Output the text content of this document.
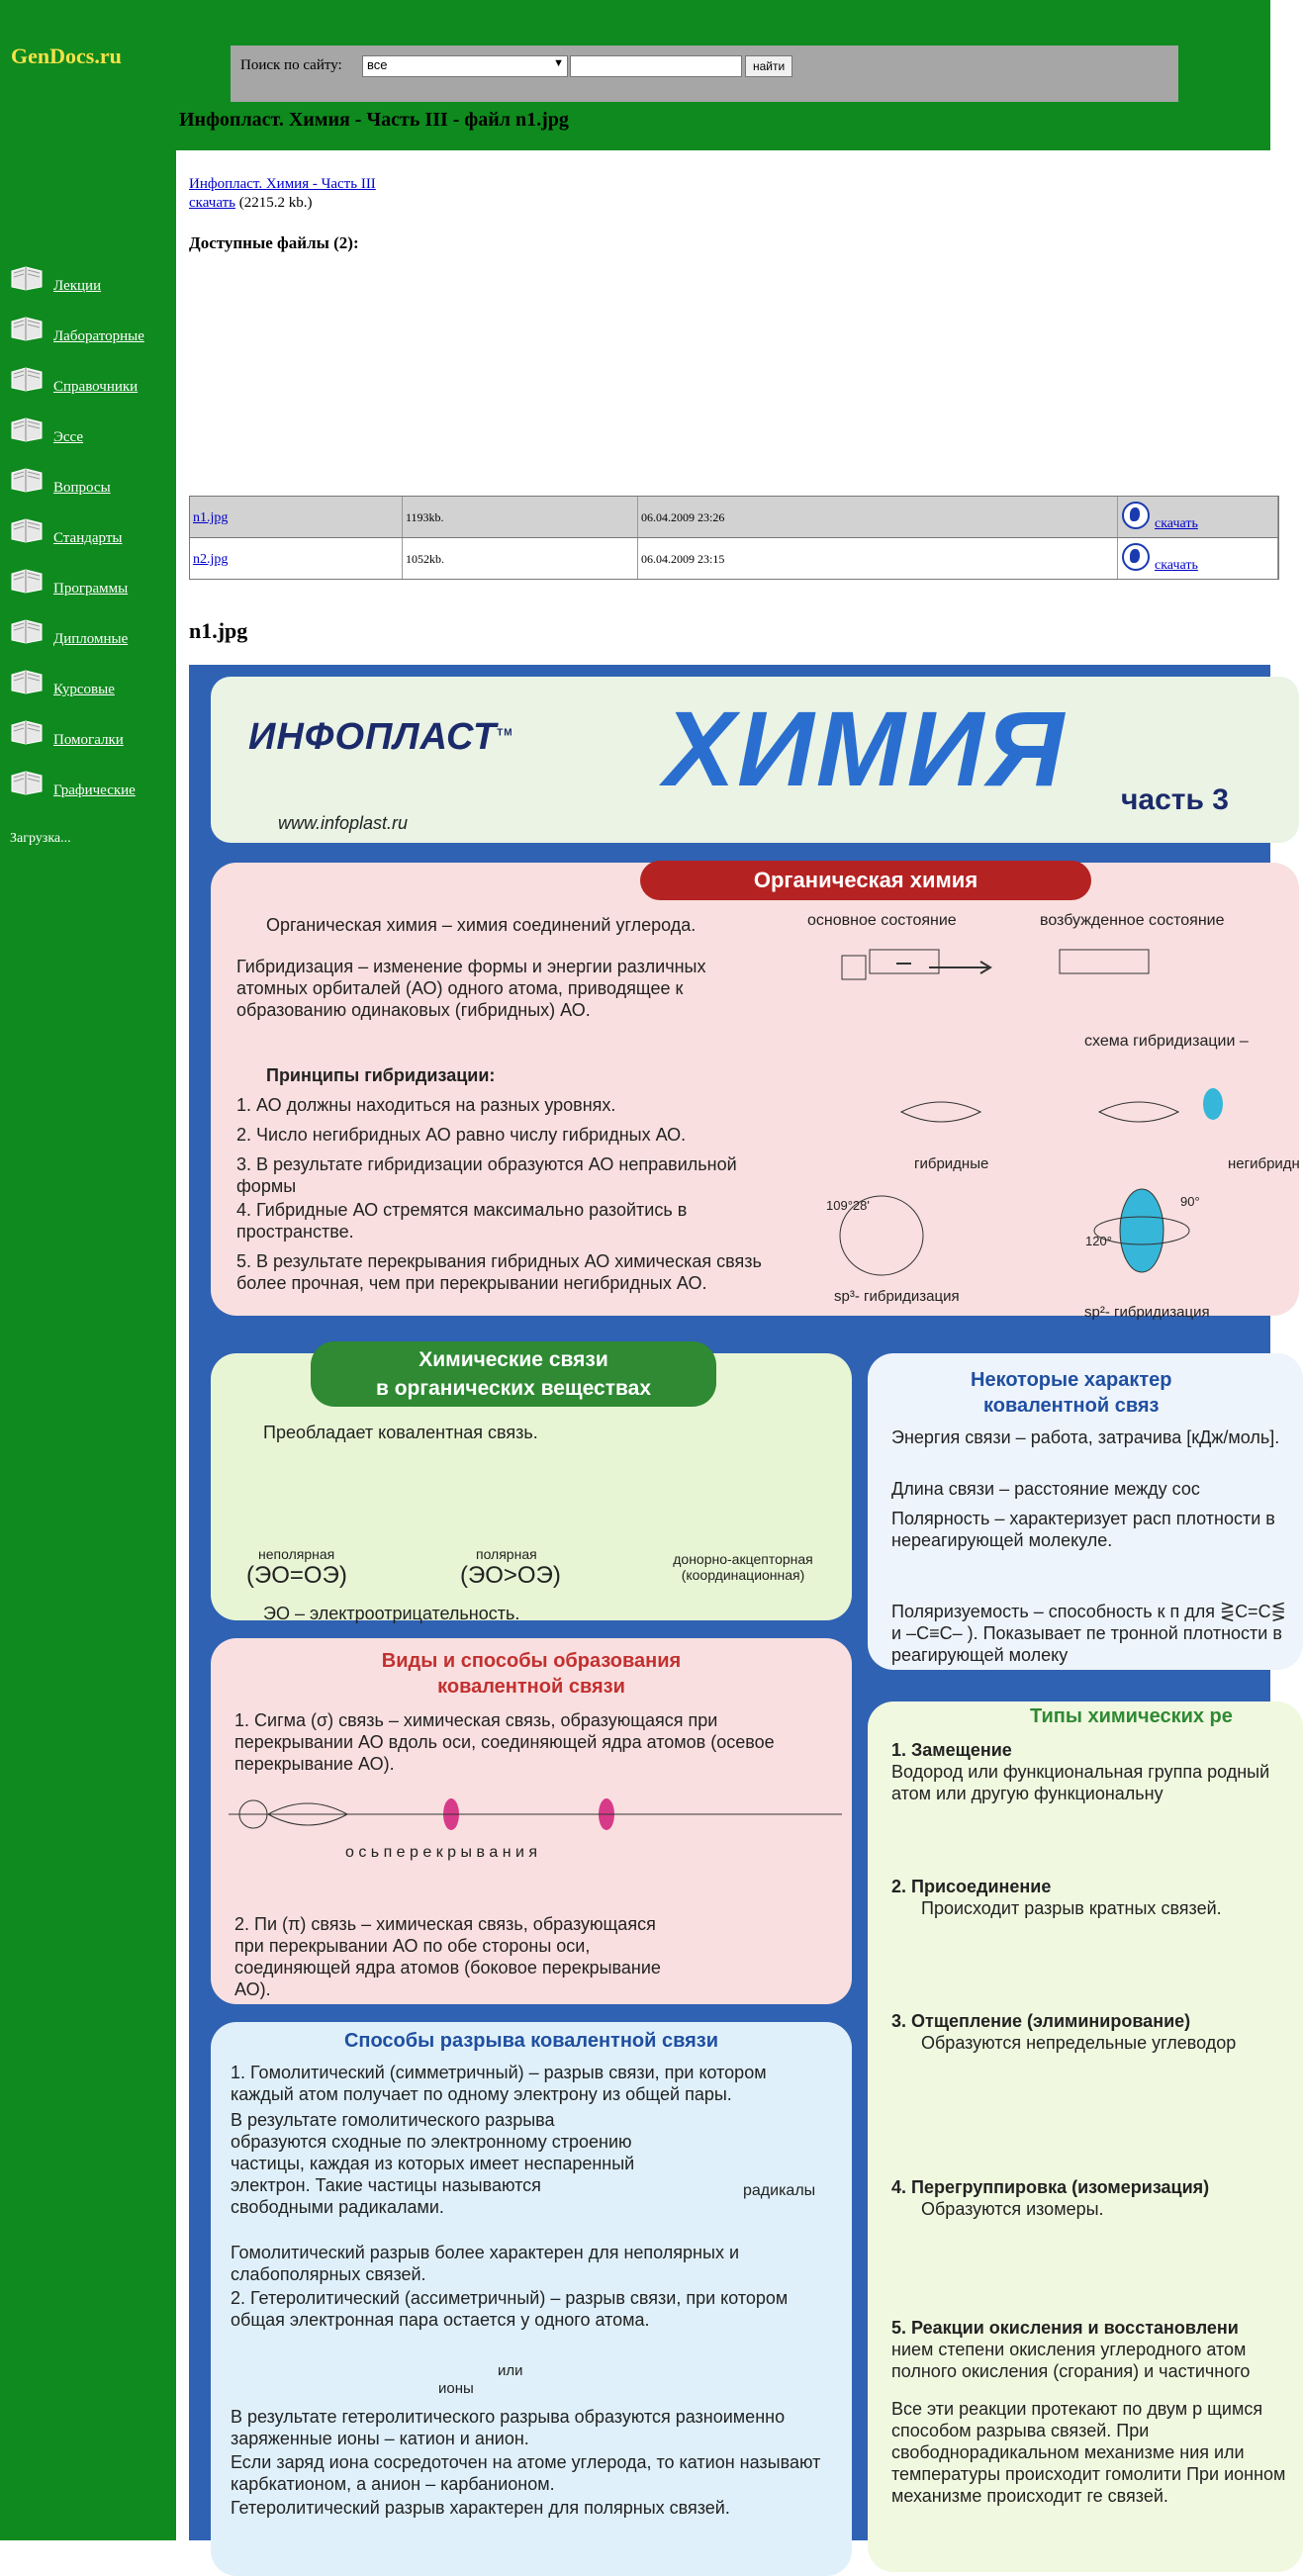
GenDocs.ru	Поиск по сайту:	все	▼	найти
Инфопласт. Химия - Часть III - файл n1.jpg
Лекции
Лабораторные
Справочники
Эссе
Вопросы
Стандарты
Программы
Дипломные
Курсовые
Помогалки
Графические
Загрузка...
Инфопласт. Химия - Часть III
скачать (2215.2 kb.)
Доступные файлы (2):
n1.jpg	1193kb.	06.04.2009 23:26	скачать
n2.jpg	1052kb.	06.04.2009 23:15	скачать
n1.jpg
ИНФОПЛАСТ™
www.infoplast.ru
ХИМИЯ часть 3
Органическая химия
Органическая химия – химия соединений углерода.
Гибридизация – изменение формы и энергии различных атомных орбиталей (АО) одного атома, приводящее к образованию одинаковых (гибридных) АО.
Принципы гибридизации:
1. АО должны находиться на разных уровнях.
2. Число негибридных АО равно числу гибридных АО.
3. В результате гибридизации образуются АО неправильной формы
4. Гибридные АО стремятся максимально разойтись в пространстве.
5. В результате перекрывания гибридных АО химическая связь более прочная, чем при перекрывании негибридных АО.
основное состояние	возбужденное состояние
схема гибридизации –
гибридные	негибридн
109°28'
120°
90°
sp³- гибридизация
sp²- гибридизация
Химические связи
в органических веществах
Преобладает ковалентная связь.
неполярная
(ЭО=ОЭ)
полярная
(ЭО>ОЭ)
донорно-акцепторная (координационная)
ЭО – электроотрицательность.
Виды и способы образования
ковалентной связи
1. Сигма (σ) связь – химическая связь, образующаяся при перекрывании АО вдоль оси, соединяющей ядра атомов (осевое перекрывание АО).
о с ь п е р е к р ы в а н и я
2. Пи (π) связь – химическая связь, образующаяся при перекрывании АО по обе стороны оси, соединяющей ядра атомов (боковое перекрывание АО).
Способы разрыва ковалентной связи
1. Гомолитический (симметричный) – разрыв связи, при котором каждый атом получает по одному электрону из общей пары.
В результате гомолитического разрыва образуются сходные по электронному строению частицы, каждая из которых имеет неспаренный электрон. Такие частицы называются свободными радикалами.
радикалы
Гомолитический разрыв более характерен для неполярных и слабополярных связей.
2. Гетеролитический (ассиметричный) – разрыв связи, при котором общая электронная пара остается у одного атома.
или
ионы
В результате гетеролитического разрыва образуются разноименно заряженные ионы – катион и анион.
Если заряд иона сосредоточен на атоме углерода, то катион называют карбкатионом, а анион – карбанионом.
Гетеролитический разрыв характерен для полярных связей.
Некоторые характер
ковалентной связ
Энергия связи – работа, затрачива [кДж/моль].
Длина связи – расстояние между сос
Полярность – характеризует расп плотности в нереагирующей молекуле.
Поляризуемость – способность к п для ⋛C=C⋚ и –C≡C– ). Показывает пе тронной плотности в реагирующей молеку
Типы химических ре
1. Замещение
Водород или функциональная группа родный атом или другую функциональну
2. Присоединение
Происходит разрыв кратных связей.
3. Отщепление (элиминирование)
Образуются непредельные углеводор
4. Перегруппировка (изомеризация)
Образуются изомеры.
5. Реакции окисления и восстановлени
нием степени окисления углеродного атом полного окисления (сгорания) и частичного
Все эти реакции протекают по двум р щимся способом разрыва связей. При свободнорадикальном механизме ния или температуры происходит гомолити При ионном механизме происходит ге связей.
